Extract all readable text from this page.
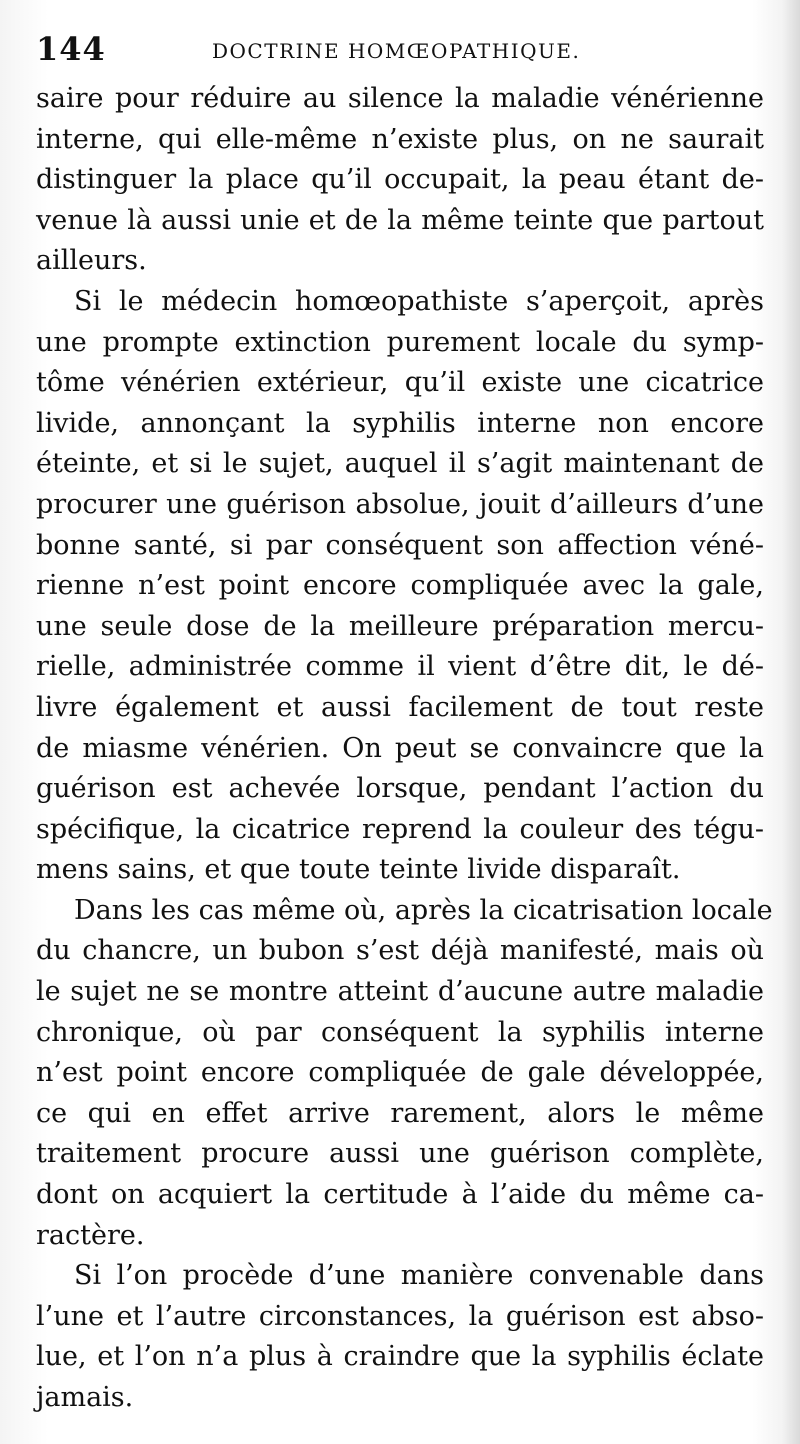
144	DOCTRINE HOMŒOPATHIQUE.
saire pour réduire au silence la maladie vénérienne
interne, qui elle-même n’existe plus, on ne saurait
distinguer la place qu’il occupait, la peau étant de-
venue là aussi unie et de la même teinte que partout
ailleurs.
Si le médecin homœopathiste s’aperçoit, après
une prompte extinction purement locale du symp-
tôme vénérien extérieur, qu’il existe une cicatrice
livide, annonçant la syphilis interne non encore
éteinte, et si le sujet, auquel il s’agit maintenant de
procurer une guérison absolue, jouit d’ailleurs d’une
bonne santé, si par conséquent son affection véné-
rienne n’est point encore compliquée avec la gale,
une seule dose de la meilleure préparation mercu-
rielle, administrée comme il vient d’être dit, le dé-
livre également et aussi facilement de tout reste
de miasme vénérien. On peut se convaincre que la
guérison est achevée lorsque, pendant l’action du
spécifique, la cicatrice reprend la couleur des tégu-
mens sains, et que toute teinte livide disparaît.
Dans les cas même où, après la cicatrisation locale
du chancre, un bubon s’est déjà manifesté, mais où
le sujet ne se montre atteint d’aucune autre maladie
chronique, où par conséquent la syphilis interne
n’est point encore compliquée de gale développée,
ce qui en effet arrive rarement, alors le même
traitement procure aussi une guérison complète,
dont on acquiert la certitude à l’aide du même ca-
ractère.
Si l’on procède d’une manière convenable dans
l’une et l’autre circonstances, la guérison est abso-
lue, et l’on n’a plus à craindre que la syphilis éclate
jamais.
